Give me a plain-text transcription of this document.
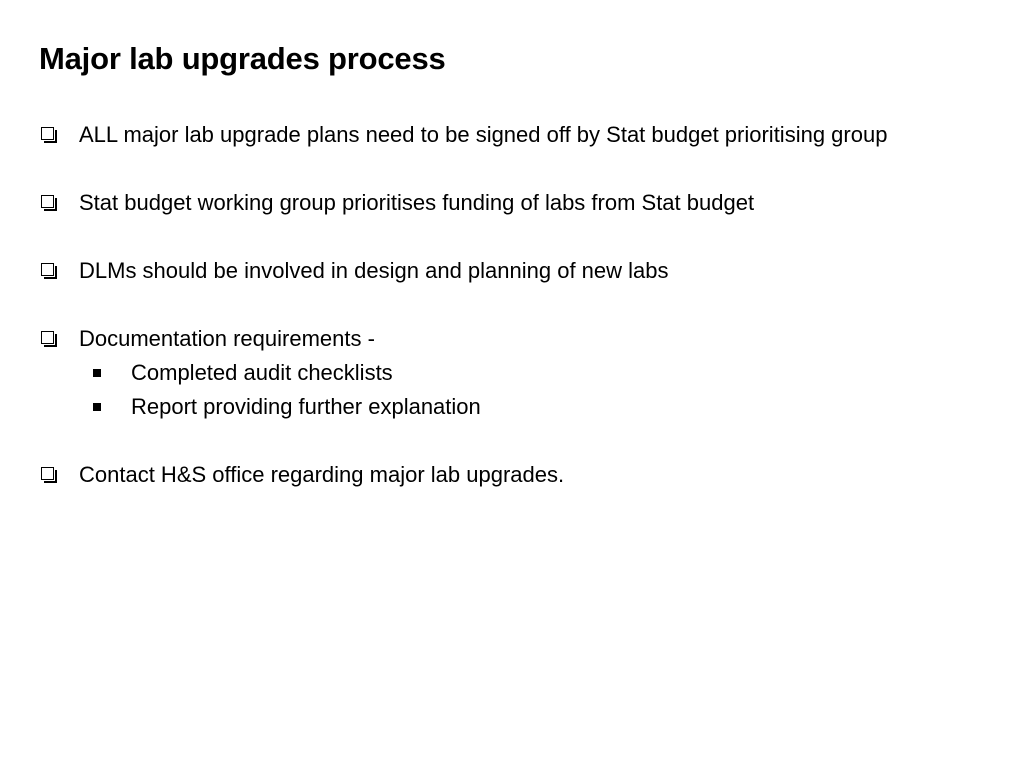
Major lab upgrades process
ALL major lab upgrade plans need to be signed off by Stat budget prioritising group
Stat budget working group prioritises funding of labs from Stat budget
DLMs should be involved in design and planning of new labs
Documentation requirements -
Completed audit checklists
Report providing further explanation
Contact H&S office regarding major lab upgrades.
